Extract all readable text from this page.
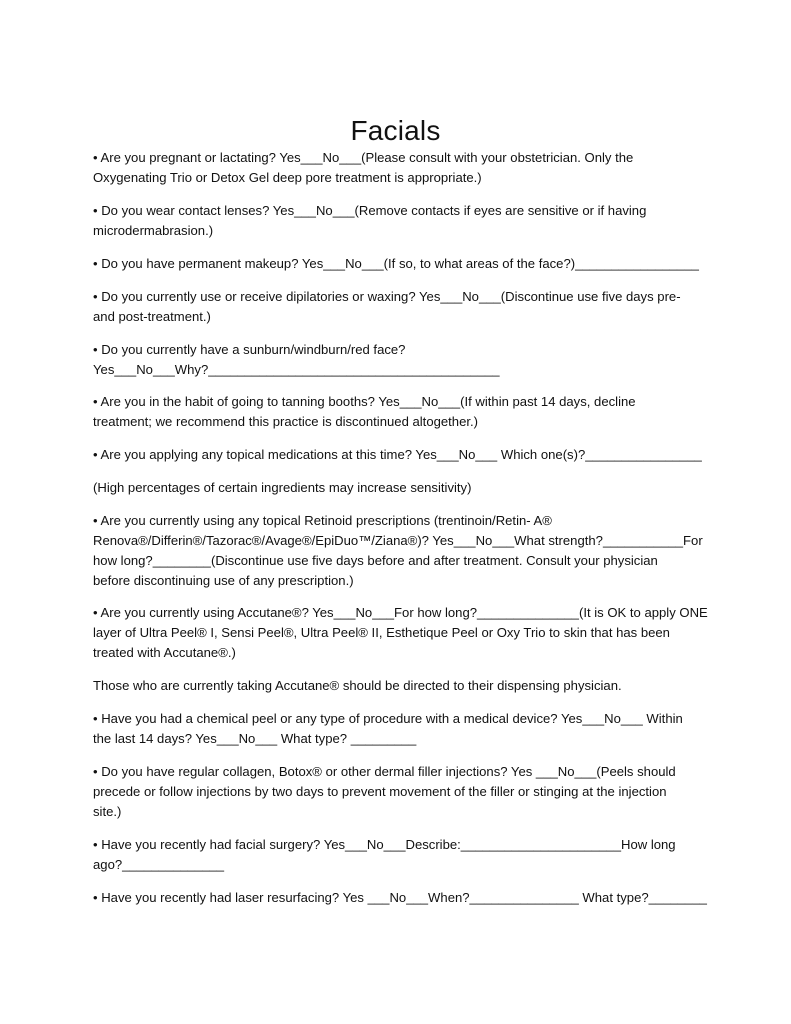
Facials

• Are you pregnant or lactating? Yes___No___(Please consult with your obstetrician. Only the
Oxygenating Trio or Detox Gel deep pore treatment is appropriate.)

• Do you wear contact lenses? Yes___No___(Remove contacts if eyes are sensitive or if having
microdermabrasion.)

• Do you have permanent makeup? Yes___No___(If so, to what areas of the face?)_________________

• Do you currently use or receive dipilatories or waxing? Yes___No___(Discontinue use five days pre-
and post-treatment.)

• Do you currently have a sunburn/windburn/red face?
Yes___No___Why?________________________________________

• Are you in the habit of going to tanning booths? Yes___No___(If within past 14 days, decline
treatment; we recommend this practice is discontinued altogether.)

• Are you applying any topical medications at this time? Yes___No___ Which one(s)?________________

(High percentages of certain ingredients may increase sensitivity)

• Are you currently using any topical Retinoid prescriptions (trentinoin/Retin- A®
Renova®/Differin®/Tazorac®/Avage®/EpiDuo™/Ziana®)? Yes___No___What strength?___________For
how long?________(Discontinue use five days before and after treatment. Consult your physician
before discontinuing use of any prescription.)

• Are you currently using Accutane®? Yes___No___For how long?______________(It is OK to apply ONE
layer of Ultra Peel® I, Sensi Peel®, Ultra Peel® II, Esthetique Peel or Oxy Trio to skin that has been
treated with Accutane®.)

Those who are currently taking Accutane® should be directed to their dispensing physician.

• Have you had a chemical peel or any type of procedure with a medical device? Yes___No___ Within
the last 14 days? Yes___No___ What type? _________

• Do you have regular collagen, Botox® or other dermal filler injections? Yes ___No___(Peels should
precede or follow injections by two days to prevent movement of the filler or stinging at the injection
site.)

• Have you recently had facial surgery? Yes___No___Describe:______________________How long
ago?______________

• Have you recently had laser resurfacing? Yes ___No___When?_______________ What type?________
